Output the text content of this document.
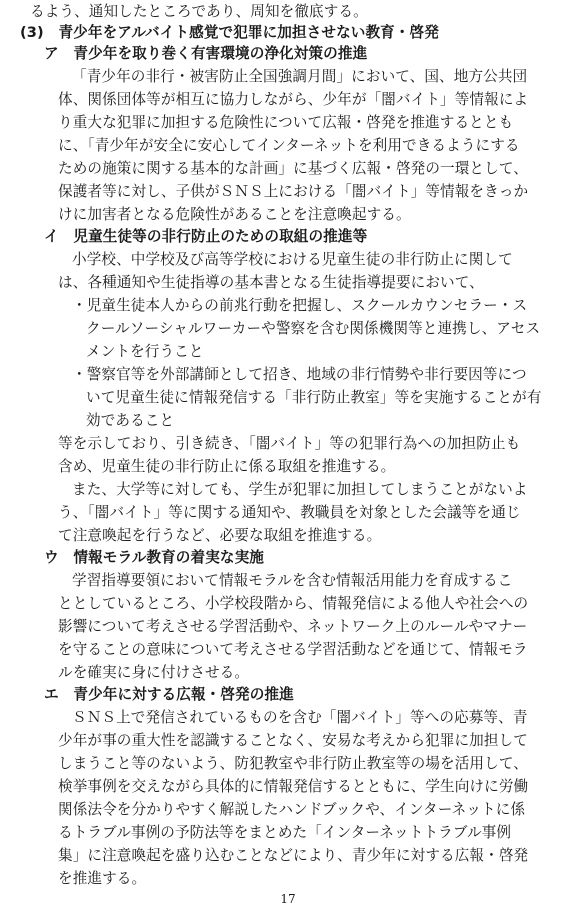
るよう、通知したところであり、周知を徹底する。
(3)　青少年をアルバイト感覚で犯罪に加担させない教育・啓発
ア　青少年を取り巻く有害環境の浄化対策の推進
「青少年の非行・被害防止全国強調月間」において、国、地方公共団
体、関係団体等が相互に協力しながら、少年が「闇バイト」等情報によ
り重大な犯罪に加担する危険性について広報・啓発を推進するととも
に、「青少年が安全に安心してインターネットを利用できるようにする
ための施策に関する基本的な計画」に基づく広報・啓発の一環として、
保護者等に対し、子供がＳＮＳ上における「闇バイト」等情報をきっか
けに加害者となる危険性があることを注意喚起する。
イ　児童生徒等の非行防止のための取組の推進等
小学校、中学校及び高等学校における児童生徒の非行防止に関して
は、各種通知や生徒指導の基本書となる生徒指導提要において、
・児童生徒本人からの前兆行動を把握し、スクールカウンセラー・ス
クールソーシャルワーカーや警察を含む関係機関等と連携し、アセス
メントを行うこと
・警察官等を外部講師として招き、地域の非行情勢や非行要因等につ
いて児童生徒に情報発信する「非行防止教室」等を実施することが有
効であること
等を示しており、引き続き、「闇バイト」等の犯罪行為への加担防止も
含め、児童生徒の非行防止に係る取組を推進する。
また、大学等に対しても、学生が犯罪に加担してしまうことがないよ
う、「闇バイト」等に関する通知や、教職員を対象とした会議等を通じ
て注意喚起を行うなど、必要な取組を推進する。
ウ　情報モラル教育の着実な実施
学習指導要領において情報モラルを含む情報活用能力を育成するこ
ととしているところ、小学校段階から、情報発信による他人や社会への
影響について考えさせる学習活動や、ネットワーク上のルールやマナー
を守ることの意味について考えさせる学習活動などを通じて、情報モラ
ルを確実に身に付けさせる。
エ　青少年に対する広報・啓発の推進
ＳＮＳ上で発信されているものを含む「闇バイト」等への応募等、青
少年が事の重大性を認識することなく、安易な考えから犯罪に加担して
しまうこと等のないよう、防犯教室や非行防止教室等の場を活用して、
検挙事例を交えながら具体的に情報発信するとともに、学生向けに労働
関係法令を分かりやすく解説したハンドブックや、インターネットに係
るトラブル事例の予防法等をまとめた「インターネットトラブル事例
集」に注意喚起を盛り込むことなどにより、青少年に対する広報・啓発
を推進する。
17
